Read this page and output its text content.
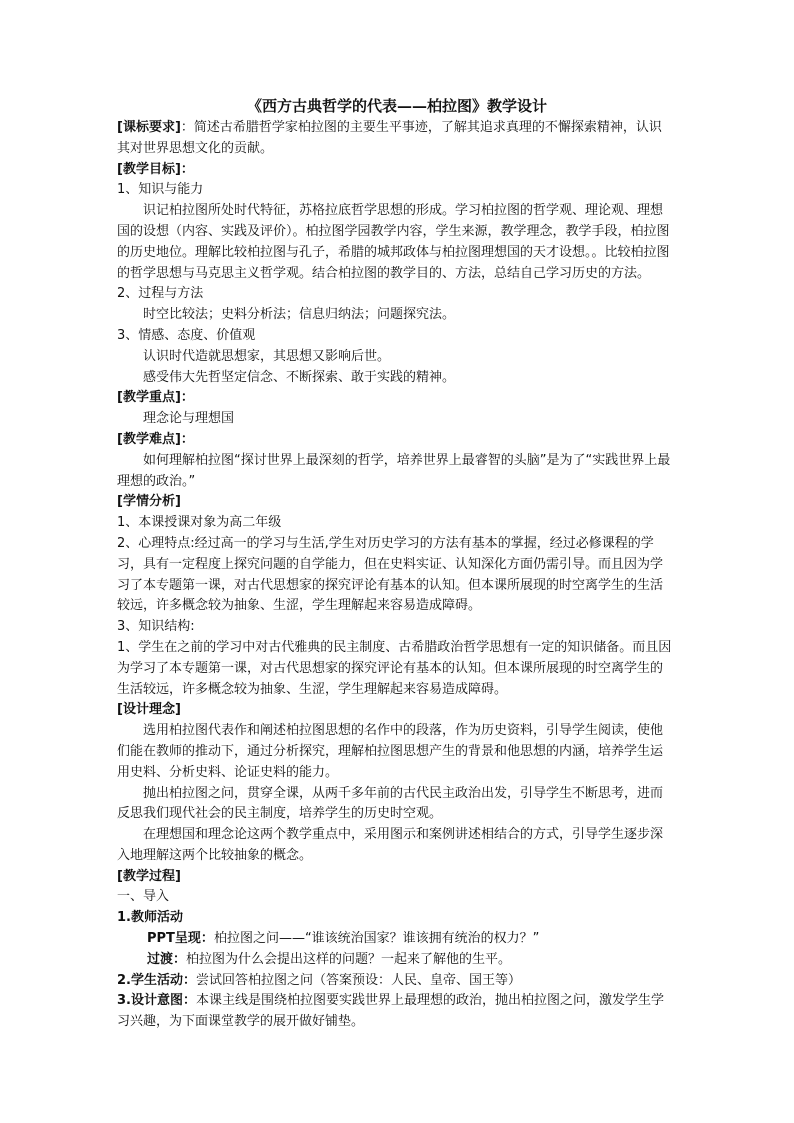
《西方古典哲学的代表——柏拉图》教学设计

[课标要求]：简述古希腊哲学家柏拉图的主要生平事迹，了解其追求真理的不懈探索精神，认识其对世界思想文化的贡献。

[教学目标]：

1、知识与能力

识记柏拉图所处时代特征，苏格拉底哲学思想的形成。学习柏拉图的哲学观、理论观、理想国的设想（内容、实践及评价）。柏拉图学园教学内容，学生来源，教学理念，教学手段，柏拉图的历史地位。理解比较柏拉图与孔子，希腊的城邦政体与柏拉图理想国的天才设想。。比较柏拉图的哲学思想与马克思主义哲学观。结合柏拉图的教学目的、方法，总结自己学习历史的方法。

2、过程与方法

时空比较法；史料分析法；信息归纳法；问题探究法。

3、情感、态度、价值观

认识时代造就思想家，其思想又影响后世。

感受伟大先哲坚定信念、不断探索、敢于实践的精神。

[教学重点]：

理念论与理想国

[教学难点]：

如何理解柏拉图“探讨世界上最深刻的哲学，培养世界上最睿智的头脑”是为了“实践世界上最理想的政治。”

[学情分析]

1、本课授课对象为高二年级

2、心理特点:经过高一的学习与生活,学生对历史学习的方法有基本的掌握，经过必修课程的学习，具有一定程度上探究问题的自学能力，但在史料实证、认知深化方面仍需引导。而且因为学习了本专题第一课，对古代思想家的探究评论有基本的认知。但本课所展现的时空离学生的生活较远，许多概念较为抽象、生涩，学生理解起来容易造成障碍。

3、知识结构:

1、学生在之前的学习中对古代雅典的民主制度、古希腊政治哲学思想有一定的知识储备。而且因为学习了本专题第一课，对古代思想家的探究评论有基本的认知。但本课所展现的时空离学生的生活较远，许多概念较为抽象、生涩，学生理解起来容易造成障碍。

[设计理念]

选用柏拉图代表作和阐述柏拉图思想的名作中的段落，作为历史资料，引导学生阅读，使他们能在教师的推动下，通过分析探究，理解柏拉图思想产生的背景和他思想的内涵，培养学生运用史料、分析史料、论证史料的能力。

抛出柏拉图之问，贯穿全课，从两千多年前的古代民主政治出发，引导学生不断思考，进而反思我们现代社会的民主制度，培养学生的历史时空观。

在理想国和理念论这两个教学重点中，采用图示和案例讲述相结合的方式，引导学生逐步深入地理解这两个比较抽象的概念。

[教学过程]

一、导入

1.教师活动

PPT呈现：柏拉图之问——“谁该统治国家？谁该拥有统治的权力？”

过渡：柏拉图为什么会提出这样的问题？一起来了解他的生平。

2.学生活动：尝试回答柏拉图之问（答案预设：人民、皇帝、国王等）

3.设计意图：本课主线是围绕柏拉图要实践世界上最理想的政治，抛出柏拉图之问，激发学生学习兴趣，为下面课堂教学的展开做好铺垫。
